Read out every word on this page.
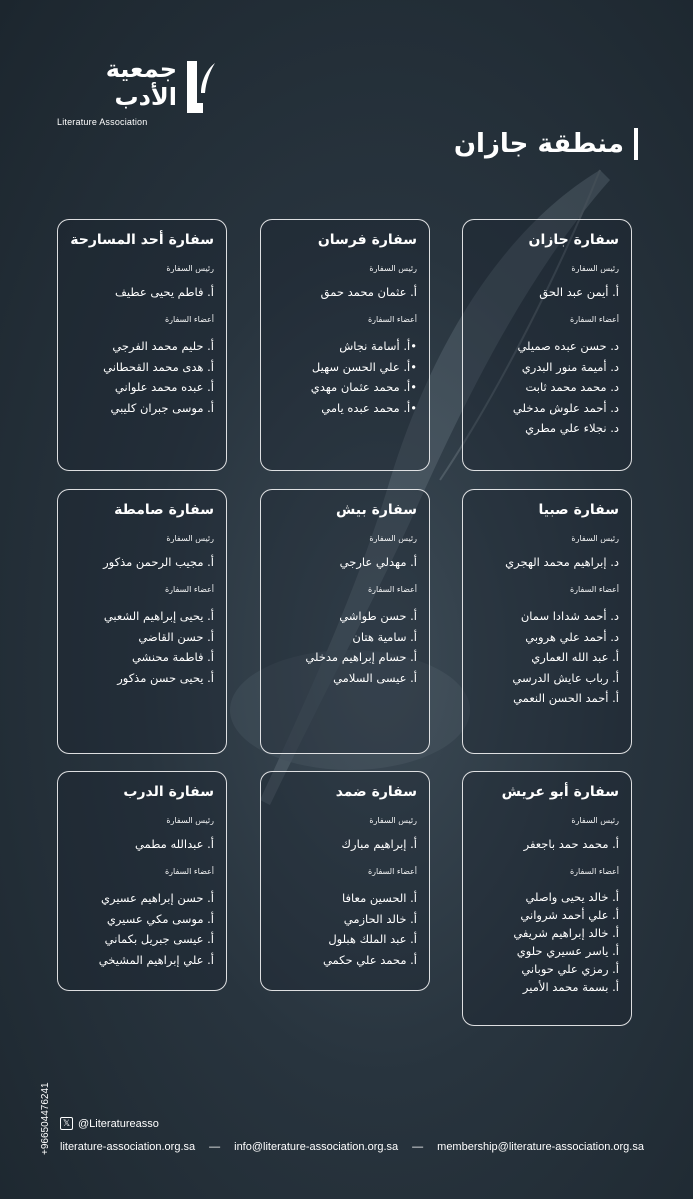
جمعية
الأدب
Literature Association
منطقة جازان
سفارة جازان
رئيس السفارة
أ. أيمن عبد الحق
أعضاء السفارة
د. حسن عبده صميلي
د. أميمة منور البدري
د. محمد محمد ثابت
د. أحمد علوش مدخلي
د. نجلاء علي مطري
سفارة فرسان
رئيس السفارة
أ. عثمان محمد حمق
أعضاء السفارة
•أ. أسامة نجاش
•أ. علي الحسن سهيل
•أ. محمد عثمان مهدي
•أ. محمد عبده يامي
سفارة أحد المسارحة
رئيس السفارة
أ. فاطم يحيى عطيف
أعضاء السفارة
أ. حليم محمد الفرجي
أ. هدى محمد القحطاني
أ. عبده محمد علواني
أ. موسى جبران كليبي
سفارة صبيا
رئيس السفارة
د. إبراهيم محمد الهجري
أعضاء السفارة
د. أحمد شدادا سمان
د. أحمد علي هروبي
أ. عبد الله العماري
أ. رباب عايش الدرسي
أ. أحمد الحسن النعمي
سفارة بيش
رئيس السفارة
أ. مهدلي عارجي
أعضاء السفارة
أ. حسن طواشي
أ. سامية هتان
أ. حسام إبراهيم مدخلي
أ. عيسى السلامي
سفارة صامطة
رئيس السفارة
أ. مجيب الرحمن مذكور
أعضاء السفارة
أ. يحيى إبراهيم الشعبي
أ. حسن القاضي
أ. فاطمة محنشي
أ. يحيى حسن مذكور
سفارة أبو عريش
رئيس السفارة
أ. محمد حمد باجعفر
أعضاء السفارة
أ. خالد يحيى واصلي
أ. علي أحمد شرواني
أ. خالد إبراهيم شريفي
أ. ياسر عسيري حلوي
أ. رمزي علي حوباني
أ. بسمة محمد الأمير
سفارة ضمد
رئيس السفارة
أ. إبراهيم مبارك
أعضاء السفارة
أ. الحسين معافا
أ. خالد الحازمي
أ. عبد الملك هبلول
أ. محمد علي حكمي
سفارة الدرب
رئيس السفارة
أ. عبدالله مطمي
أعضاء السفارة
أ. حسن إبراهيم عسيري
أ. موسى مكي عسيري
أ. عيسى جبريل بكماني
أ. علي إبراهيم المشيخي
+966504476241	𝕏 @Literatureasso
literature-association.org.sa — info@literature-association.org.sa — membership@literature-association.org.sa
